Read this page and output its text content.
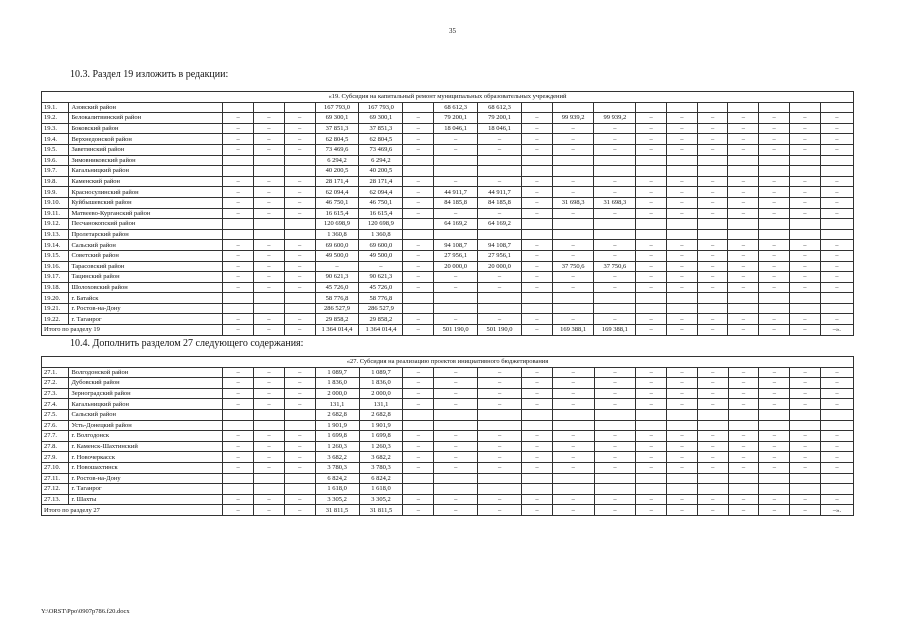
35
10.3. Раздел 19 изложить в редакции:
«19. Субсидия на капитальный ремонт муниципальных образовательных учреждений																			
19.1.	Азовский район				167 793,0	167 793,0		68 612,3	68 612,3										
19.2.	Белокалитвинский район	–	–	–	69 300,1	69 300,1	–	79 200,1	79 200,1	–	99 939,2	99 939,2	–	–	–	–	–	–	–
19.3.	Боковский район	–	–	–	37 851,3	37 851,3	–	18 046,1	18 046,1	–	–	–	–	–	–	–	–	–	–
19.4.	Верхнедонской район	–	–	–	62 804,5	62 804,5	–	–	–	–	–	–	–	–	–	–	–	–	–
19.5.	Заветинский район	–	–	–	73 469,6	73 469,6	–	–	–	–	–	–	–	–	–	–	–	–	–
19.6.	Зимовниковский район				6 294,2	6 294,2													
19.7.	Кагальницкий район				40 200,5	40 200,5													
19.8.	Каменский район	–	–	–	28 171,4	28 171,4	–	–	–	–	–	–	–	–	–	–	–	–	–
19.9.	Красносулинский район	–	–	–	62 094,4	62 094,4	–	44 911,7	44 911,7	–	–	–	–	–	–	–	–	–	–
19.10.	Куйбышевский район	–	–	–	46 750,1	46 750,1	–	84 185,8	84 185,8	–	31 698,3	31 698,3	–	–	–	–	–	–	–
19.11.	Матвеево-Курганский район	–	–	–	16 615,4	16 615,4	–	–	–	–	–	–	–	–	–	–	–	–	–
19.12.	Песчанокопский район				120 698,9	120 698,9		64 169,2	64 169,2										
19.13.	Пролетарский район				1 360,8	1 360,8													
19.14.	Сальский район	–	–	–	69 600,0	69 600,0	–	94 108,7	94 108,7	–	–	–	–	–	–	–	–	–	–
19.15.	Советский район	–	–	–	49 500,0	49 500,0	–	27 956,1	27 956,1	–	–	–	–	–	–	–	–	–	–
19.16.	Тарасовский район	–	–	–	–	–	–	20 000,0	20 000,0	–	37 750,6	37 750,6	–	–	–	–	–	–	–
19.17.	Тацинский район	–	–	–	90 621,3	90 621,3	–	–	–	–	–	–	–	–	–	–	–	–	–
19.18.	Шолоховский район	–	–	–	45 726,0	45 726,0	–	–	–	–	–	–	–	–	–	–	–	–	–
19.20.	г. Батайск				58 776,8	58 776,8													
19.21.	г. Ростов-на-Дону				286 527,9	286 527,9													
19.22.	г. Таганрог	–	–	–	29 858,2	29 858,2	–	–	–	–	–	–	–	–	–	–	–	–	–
Итого по разделу 19		–	–	–	1 364 014,4	1 364 014,4	–	501 190,0	501 190,0	–	169 388,1	169 388,1	–	–	–	–	–	–	–».
10.4. Дополнить разделом 27 следующего содержания:
«27. Субсидия на реализацию проектов инициативного бюджетирования																			
27.1.	Волгодонской район	–	–	–	1 089,7	1 089,7	–	–	–	–	–	–	–	–	–	–	–	–	–
27.2.	Дубовский район	–	–	–	1 836,0	1 836,0	–	–	–	–	–	–	–	–	–	–	–	–	–
27.3.	Зерноградский район	–	–	–	2 000,0	2 000,0	–	–	–	–	–	–	–	–	–	–	–	–	–
27.4.	Кагальницкий район	–	–	–	131,1	131,1	–	–	–	–	–	–	–	–	–	–	–	–	–
27.5.	Сальский район				2 682,8	2 682,8													
27.6.	Усть-Донецкий район				1 901,9	1 901,9													
27.7.	г. Волгодонск	–	–	–	1 699,8	1 699,8	–	–	–	–	–	–	–	–	–	–	–	–	–
27.8.	г. Каменск-Шахтинский	–	–	–	1 260,3	1 260,3	–	–	–	–	–	–	–	–	–	–	–	–	–
27.9.	г. Новочеркасск	–	–	–	3 682,2	3 682,2	–	–	–	–	–	–	–	–	–	–	–	–	–
27.10.	г. Новошахтинск	–	–	–	3 780,3	3 780,3	–	–	–	–	–	–	–	–	–	–	–	–	–
27.11.	г. Ростов-на-Дону				6 824,2	6 824,2													
27.12.	г. Таганрог				1 618,0	1 618,0													
27.13.	г. Шахты	–	–	–	3 305,2	3 305,2	–	–	–	–	–	–	–	–	–	–	–	–	–
Итого по разделу 27		–	–	–	31 811,5	31 811,5	–	–	–	–	–	–	–	–	–	–	–	–	–».
Y:\ORST\Ppo\0907p786.f20.docx
